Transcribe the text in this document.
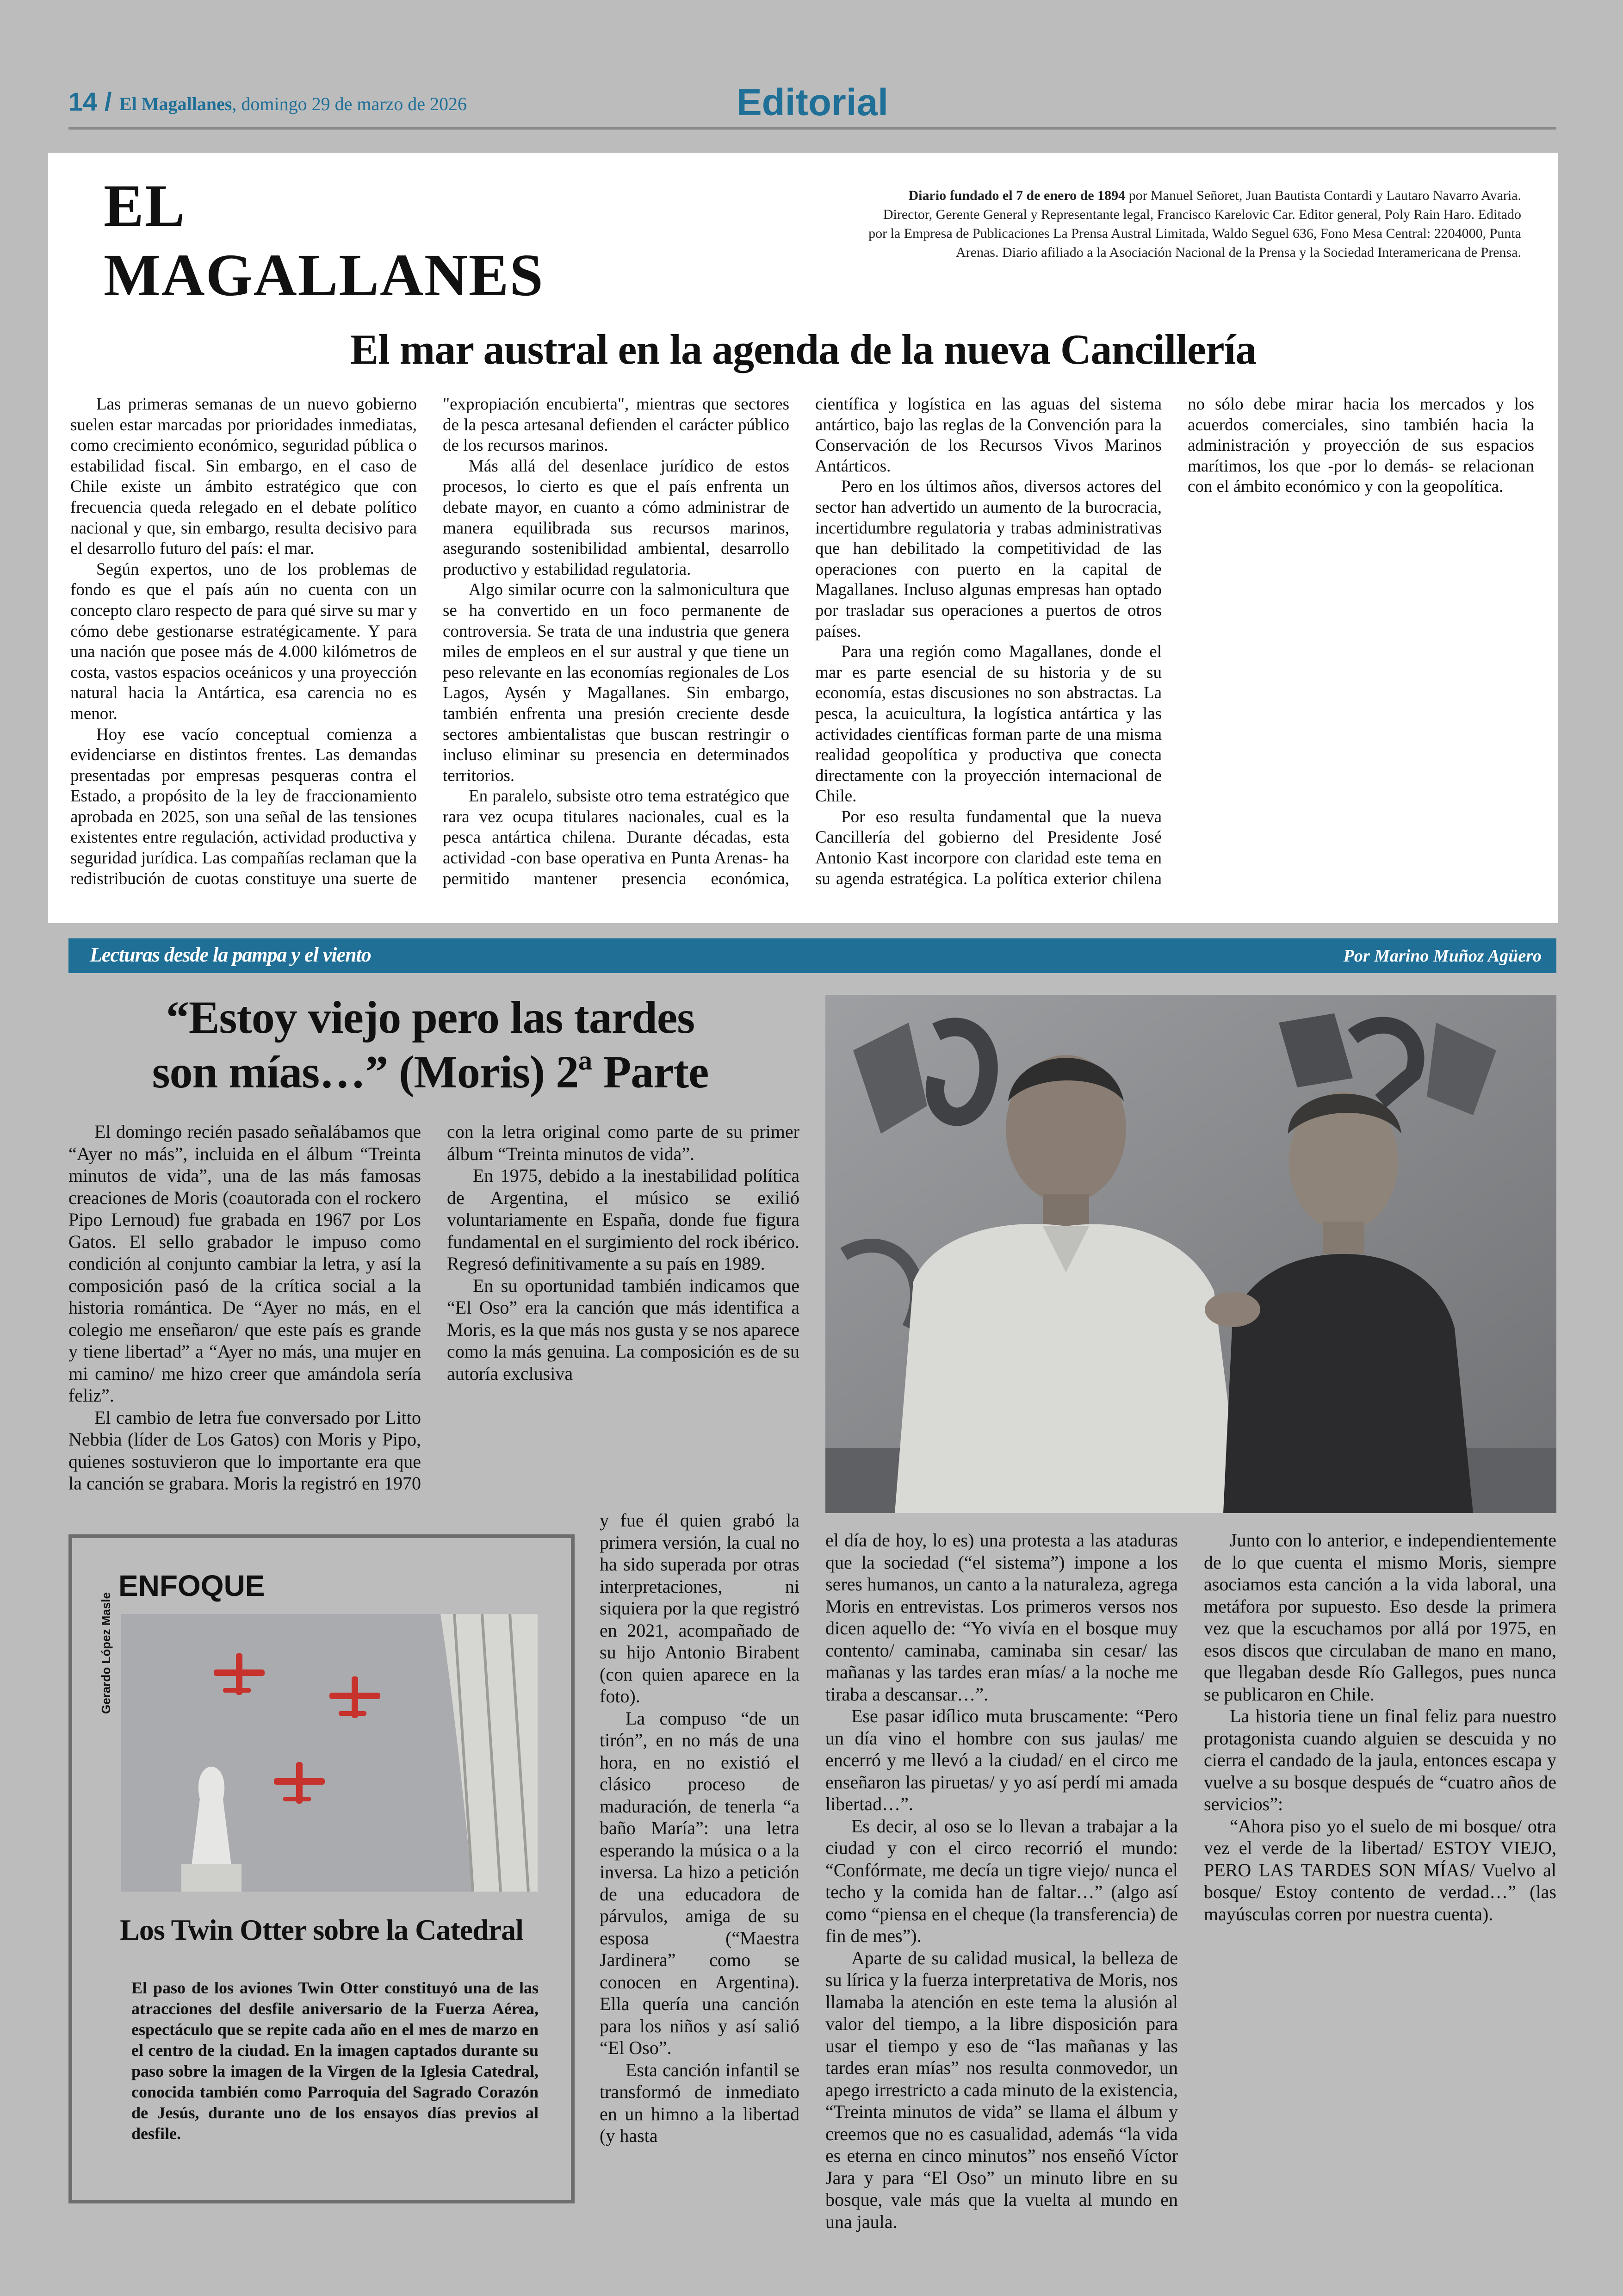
14 / El Magallanes, domingo 29 de marzo de 2026	Editorial
EL
MAGALLANES
Diario fundado el 7 de enero de 1894 por Manuel Señoret, Juan Bautista Contardi y Lautaro Navarro Avaria. Director, Gerente General y Representante legal, Francisco Karelovic Car. Editor general, Poly Rain Haro. Editado por la Empresa de Publicaciones La Prensa Austral Limitada, Waldo Seguel 636, Fono Mesa Central: 2204000, Punta Arenas. Diario afiliado a la Asociación Nacional de la Prensa y la Sociedad Interamericana de Prensa.
El mar austral en la agenda de la nueva Cancillería

Las primeras semanas de un nuevo gobierno suelen estar marcadas por prioridades inmediatas, como crecimiento económico, seguridad pública o estabilidad fiscal. Sin embargo, en el caso de Chile existe un ámbito estratégico que con frecuencia queda relegado en el debate político nacional y que, sin embargo, resulta decisivo para el desarrollo futuro del país: el mar.

Según expertos, uno de los problemas de fondo es que el país aún no cuenta con un concepto claro respecto de para qué sirve su mar y cómo debe gestionarse estratégicamente. Y para una nación que posee más de 4.000 kilómetros de costa, vastos espacios oceánicos y una proyección natural hacia la Antártica, esa carencia no es menor.

Hoy ese vacío conceptual comienza a evidenciarse en distintos frentes. Las demandas presentadas por empresas pesqueras contra el Estado, a propósito de la ley de fraccionamiento aprobada en 2025, son una señal de las tensiones existentes entre regulación, actividad productiva y seguridad jurídica. Las compañías reclaman que la redistribución de cuotas constituye una suerte de "expropiación encubierta", mientras que sectores de la pesca artesanal defienden el carácter público de los recursos marinos.

Más allá del desenlace jurídico de estos procesos, lo cierto es que el país enfrenta un debate mayor, en cuanto a cómo administrar de manera equilibrada sus recursos marinos, asegurando sostenibilidad ambiental, desarrollo productivo y estabilidad regulatoria.

Algo similar ocurre con la salmonicultura que se ha convertido en un foco permanente de controversia. Se trata de una industria que genera miles de empleos en el sur austral y que tiene un peso relevante en las economías regionales de Los Lagos, Aysén y Magallanes. Sin embargo, también enfrenta una presión creciente desde sectores ambientalistas que buscan restringir o incluso eliminar su presencia en determinados territorios.

En paralelo, subsiste otro tema estratégico que rara vez ocupa titulares nacionales, cual es la pesca antártica chilena. Durante décadas, esta actividad -con base operativa en Punta Arenas- ha permitido mantener presencia económica, científica y logística en las aguas del sistema antártico, bajo las reglas de la Convención para la Conservación de los Recursos Vivos Marinos Antárticos.

Pero en los últimos años, diversos actores del sector han advertido un aumento de la burocracia, incertidumbre regulatoria y trabas administrativas que han debilitado la competitividad de las operaciones con puerto en la capital de Magallanes. Incluso algunas empresas han optado por trasladar sus operaciones a puertos de otros países.

Para una región como Magallanes, donde el mar es parte esencial de su historia y de su economía, estas discusiones no son abstractas. La pesca, la acuicultura, la logística antártica y las actividades científicas forman parte de una misma realidad geopolítica y productiva que conecta directamente con la proyección internacional de Chile.

Por eso resulta fundamental que la nueva Cancillería del gobierno del Presidente José Antonio Kast incorpore con claridad este tema en su agenda estratégica. La política exterior chilena no sólo debe mirar hacia los mercados y los acuerdos comerciales, sino también hacia la administración y proyección de sus espacios marítimos, los que -por lo demás- se relacionan con el ámbito económico y con la geopolítica.

Lecturas desde la pampa y el viento	Por Marino Muñoz Agüero
“Estoy viejo pero las tardes
son mías…” (Moris) 2ª Parte

El domingo recién pasado señalábamos que “Ayer no más”, incluida en el álbum “Treinta minutos de vida”, una de las más famosas creaciones de Moris (coautorada con el rockero Pipo Lernoud) fue grabada en 1967 por Los Gatos. El sello grabador le impuso como condición al conjunto cambiar la letra, y así la composición pasó de la crítica social a la historia romántica. De “Ayer no más, en el colegio me enseñaron/ que este país es grande y tiene libertad” a “Ayer no más, una mujer en mi camino/ me hizo creer que amándola sería feliz”.

El cambio de letra fue conversado por Litto Nebbia (líder de Los Gatos) con Moris y Pipo, quienes sostuvieron que lo importante era que la canción se grabara. Moris la registró en 1970 con la letra original como parte de su primer álbum “Treinta minutos de vida”.

En 1975, debido a la inestabilidad política de Argentina, el músico se exilió voluntariamente en España, donde fue figura fundamental en el surgimiento del rock ibérico. Regresó definitivamente a su país en 1989.

En su oportunidad también indicamos que “El Oso” era la canción que más identifica a Moris, es la que más nos gusta y se nos aparece como la más genuina. La composición es de su autoría exclusiva

y fue él quien grabó la primera versión, la cual no ha sido superada por otras interpretaciones, ni siquiera por la que registró en 2021, acompañado de su hijo Antonio Birabent (con quien aparece en la foto).

La compuso “de un tirón”, en no más de una hora, en no existió el clásico proceso de maduración, de tenerla “a baño María”: una letra esperando la música o a la inversa. La hizo a petición de una educadora de párvulos, amiga de su esposa (“Maestra Jardinera” como se conocen en Argentina). Ella quería una canción para los niños y así salió “El Oso”.

Esta canción infantil se transformó de inmediato en un himno a la libertad (y hasta

el día de hoy, lo es) una protesta a las ataduras que la sociedad (“el sistema”) impone a los seres humanos, un canto a la naturaleza, agrega Moris en entrevistas. Los primeros versos nos dicen aquello de: “Yo vivía en el bosque muy contento/ caminaba, caminaba sin cesar/ las mañanas y las tardes eran mías/ a la noche me tiraba a descansar…”.

Ese pasar idílico muta bruscamente: “Pero un día vino el hombre con sus jaulas/ me encerró y me llevó a la ciudad/ en el circo me enseñaron las piruetas/ y yo así perdí mi amada libertad…”.

Es decir, al oso se lo llevan a trabajar a la ciudad y con el circo recorrió el mundo: “Confórmate, me decía un tigre viejo/ nunca el techo y la comida han de faltar…” (algo así como “piensa en el cheque (la transferencia) de fin de mes”).

Aparte de su calidad musical, la belleza de su lírica y la fuerza interpretativa de Moris, nos llamaba la atención en este tema la alusión al valor del tiempo, a la libre disposición para usar el tiempo y eso de “las mañanas y las tardes eran mías” nos resulta conmovedor, un apego irrestricto a cada minuto de la existencia, “Treinta minutos de vida” se llama el álbum y creemos que no es casualidad, además “la vida es eterna en cinco minutos” nos enseñó Víctor Jara y para “El Oso” un minuto libre en su bosque, vale más que la vuelta al mundo en una jaula.

Junto con lo anterior, e independientemente de lo que cuenta el mismo Moris, siempre asociamos esta canción a la vida laboral, una metáfora por supuesto. Eso desde la primera vez que la escuchamos por allá por 1975, en esos discos que circulaban de mano en mano, que llegaban desde Río Gallegos, pues nunca se publicaron en Chile.

La historia tiene un final feliz para nuestro protagonista cuando alguien se descuida y no cierra el candado de la jaula, entonces escapa y vuelve a su bosque después de “cuatro años de servicios”:

“Ahora piso yo el suelo de mi bosque/ otra vez el verde de la libertad/ ESTOY VIEJO, PERO LAS TARDES SON MÍAS/ Vuelvo al bosque/ Estoy contento de verdad…” (las mayúsculas corren por nuestra cuenta).

ENFOQUE
Gerardo López Masle
Los Twin Otter sobre la Catedral
El paso de los aviones Twin Otter constituyó una de las atracciones del desfile aniversario de la Fuerza Aérea, espectáculo que se repite cada año en el mes de marzo en el centro de la ciudad. En la imagen captados durante su paso sobre la imagen de la Virgen de la Iglesia Catedral, conocida también como Parroquia del Sagrado Corazón de Jesús, durante uno de los ensayos días previos al desfile.
